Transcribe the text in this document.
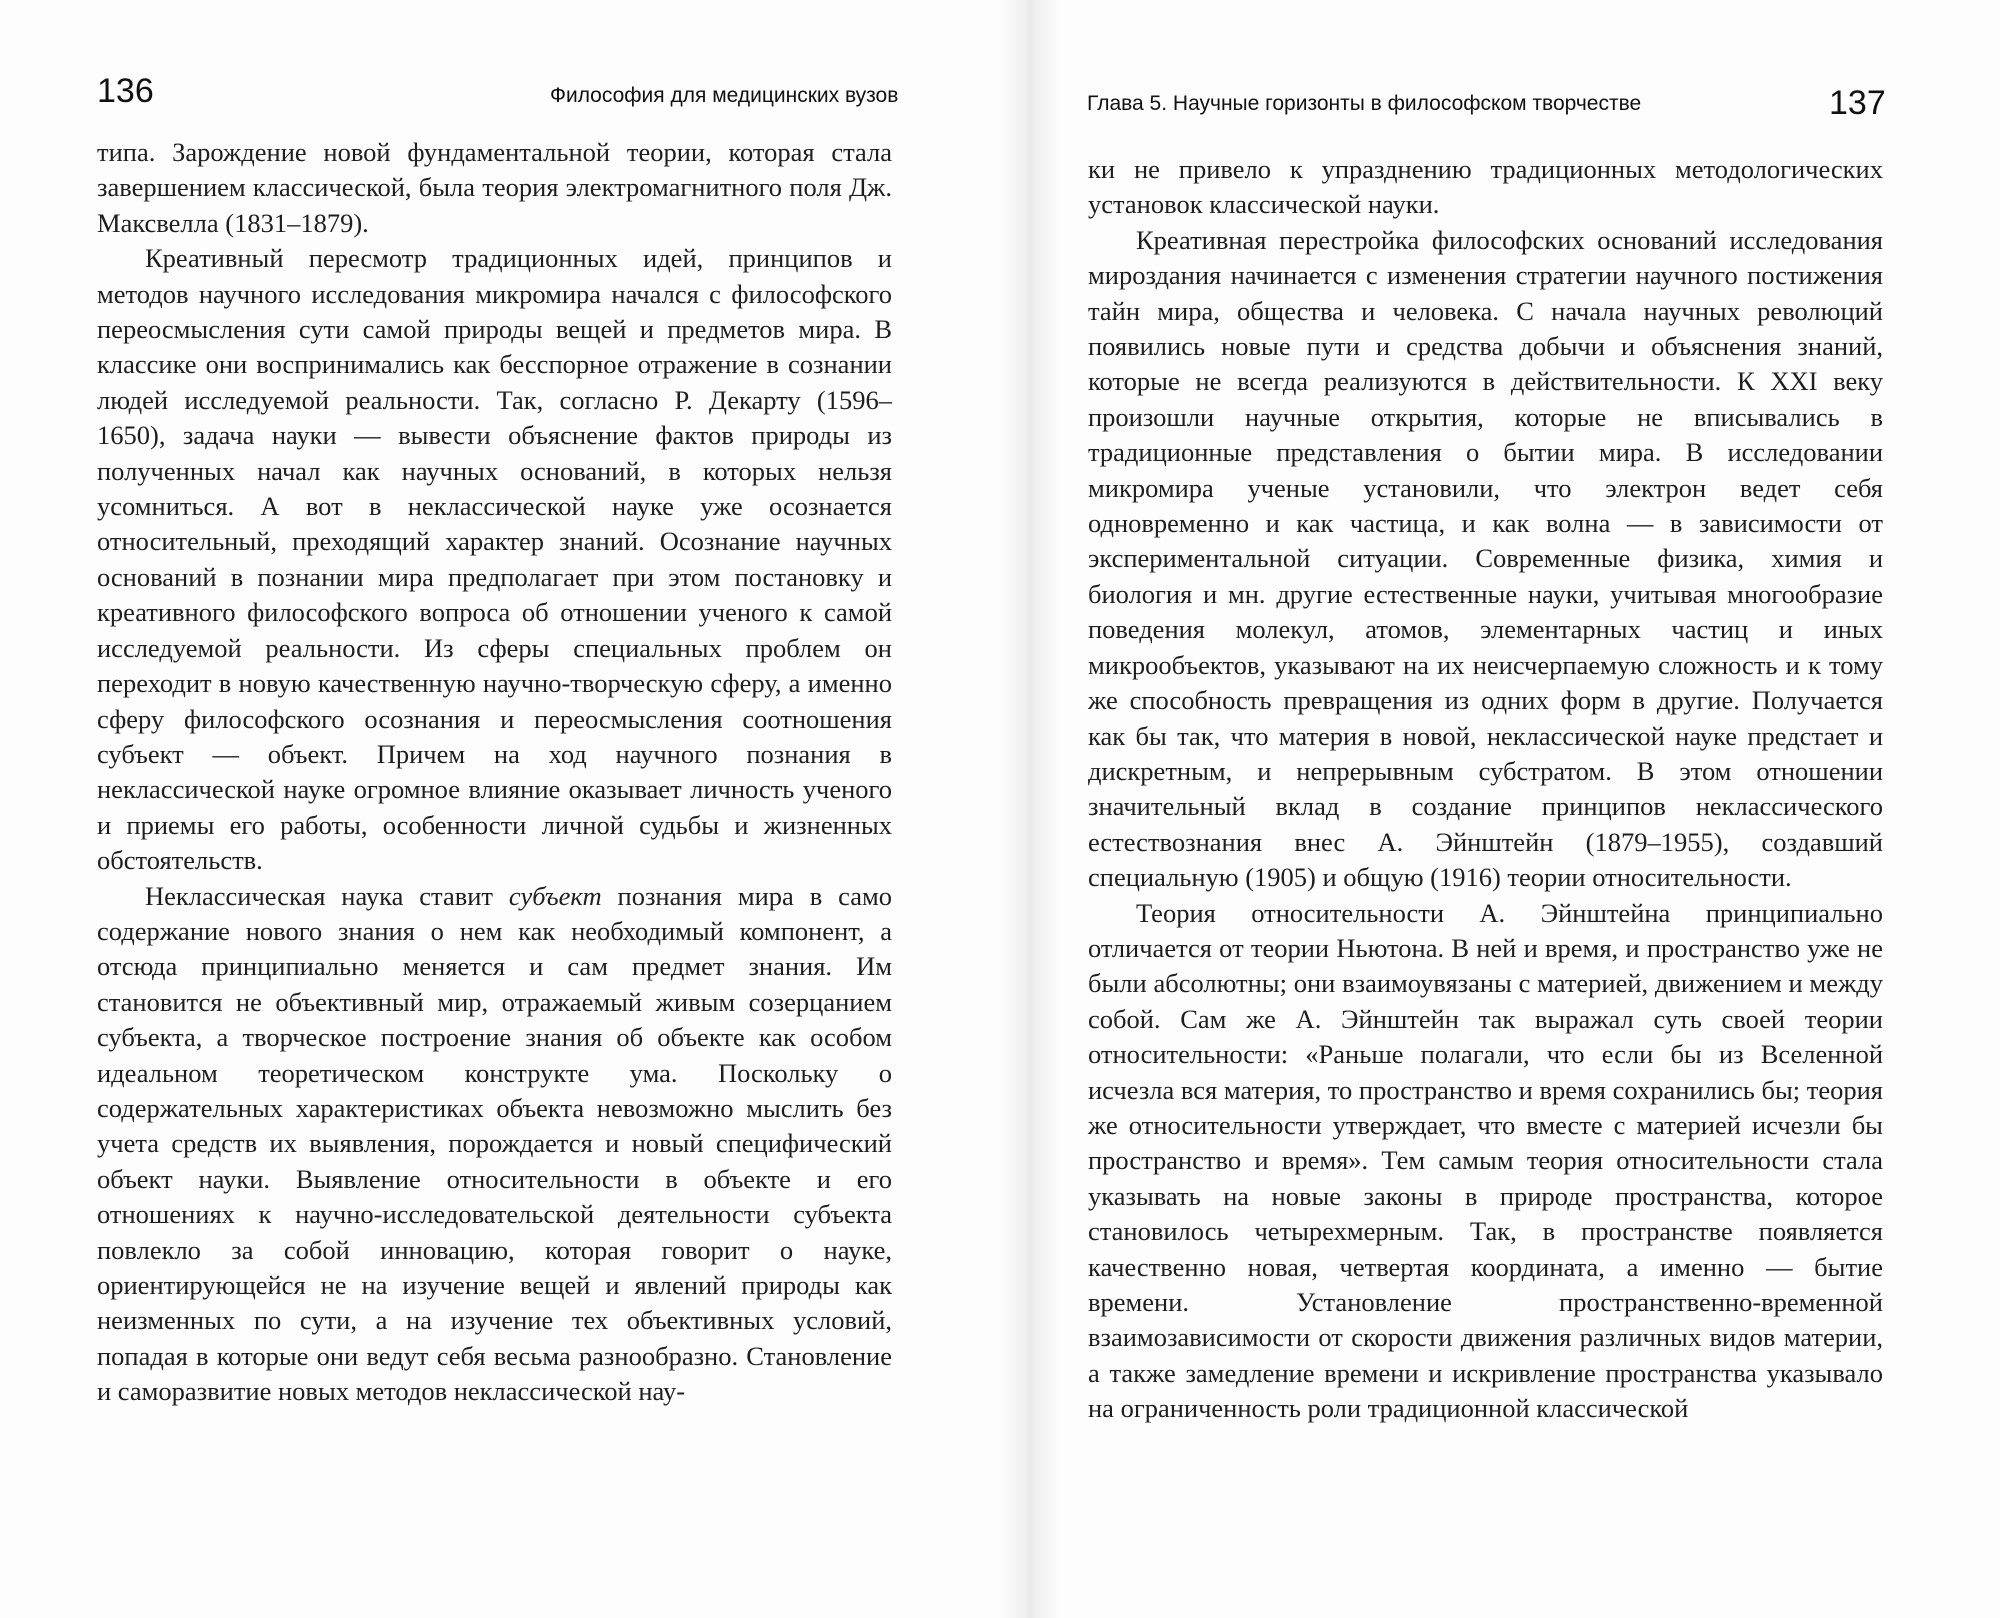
136	Философия для медицинских вузов

типа. Зарождение новой фундаментальной теории, которая стала завершением классической, была теория электромагнитного поля Дж. Максвелла (1831–1879).

Креативный пересмотр традиционных идей, принципов и методов научного исследования микромира начался с философского переосмысления сути самой природы вещей и предметов мира. В классике они воспринимались как бесспорное отражение в сознании людей исследуемой реальности. Так, согласно Р. Декарту (1596–1650), задача науки — вывести объяснение фактов природы из полученных начал как научных оснований, в которых нельзя усомниться. А вот в неклассической науке уже осознается относительный, преходящий характер знаний. Осознание научных оснований в познании мира предполагает при этом постановку и креативного философского вопроса об отношении ученого к самой исследуемой реальности. Из сферы специальных проблем он переходит в новую качественную научно-творческую сферу, а именно сферу философского осознания и переосмысления соотношения субъект — объект. Причем на ход научного познания в неклассической науке огромное влияние оказывает личность ученого и приемы его работы, особенности личной судьбы и жизненных обстоятельств.

Неклассическая наука ставит субъект познания мира в само содержание нового знания о нем как необходимый компонент, а отсюда принципиально меняется и сам предмет знания. Им становится не объективный мир, отражаемый живым созерцанием субъекта, а творческое построение знания об объекте как особом идеальном теоретическом конструкте ума. Поскольку о содержательных характеристиках объекта невозможно мыслить без учета средств их выявления, порождается и новый специфический объект науки. Выявление относительности в объекте и его отношениях к научно-исследовательской деятельности субъекта повлекло за собой инновацию, которая говорит о науке, ориентирующейся не на изучение вещей и явлений природы как неизменных по сути, а на изучение тех объективных условий, попадая в которые они ведут себя весьма разнообразно. Становление и саморазвитие новых методов неклассической нау-

Глава 5. Научные горизонты в философском творчестве	137

ки не привело к упразднению традиционных методологических установок классической науки.

Креативная перестройка философских оснований исследования мироздания начинается с изменения стратегии научного постижения тайн мира, общества и человека. С начала научных революций появились новые пути и средства добычи и объяснения знаний, которые не всегда реализуются в действительности. К XXI веку произошли научные открытия, которые не вписывались в традиционные представления о бытии мира. В исследовании микромира ученые установили, что электрон ведет себя одновременно и как частица, и как волна — в зависимости от экспериментальной ситуации. Современные физика, химия и биология и мн. другие естественные науки, учитывая многообразие поведения молекул, атомов, элементарных частиц и иных микрообъектов, указывают на их неисчерпаемую сложность и к тому же способность превращения из одних форм в другие. Получается как бы так, что материя в новой, неклассической науке предстает и дискретным, и непрерывным субстратом. В этом отношении значительный вклад в создание принципов неклассического естествознания внес А. Эйнштейн (1879–1955), создавший специальную (1905) и общую (1916) теории относительности.

Теория относительности А. Эйнштейна принципиально отличается от теории Ньютона. В ней и время, и пространство уже не были абсолютны; они взаимоувязаны с материей, движением и между собой. Сам же А. Эйнштейн так выражал суть своей теории относительности: «Раньше полагали, что если бы из Вселенной исчезла вся материя, то пространство и время сохранились бы; теория же относительности утверждает, что вместе с материей исчезли бы пространство и время». Тем самым теория относительности стала указывать на новые законы в природе пространства, которое становилось четырехмерным. Так, в пространстве появляется качественно новая, четвертая координата, а именно — бытие времени. Установление пространственно-временной взаимозависимости от скорости движения различных видов материи, а также замедление времени и искривление пространства указывало на ограниченность роли традиционной классической
